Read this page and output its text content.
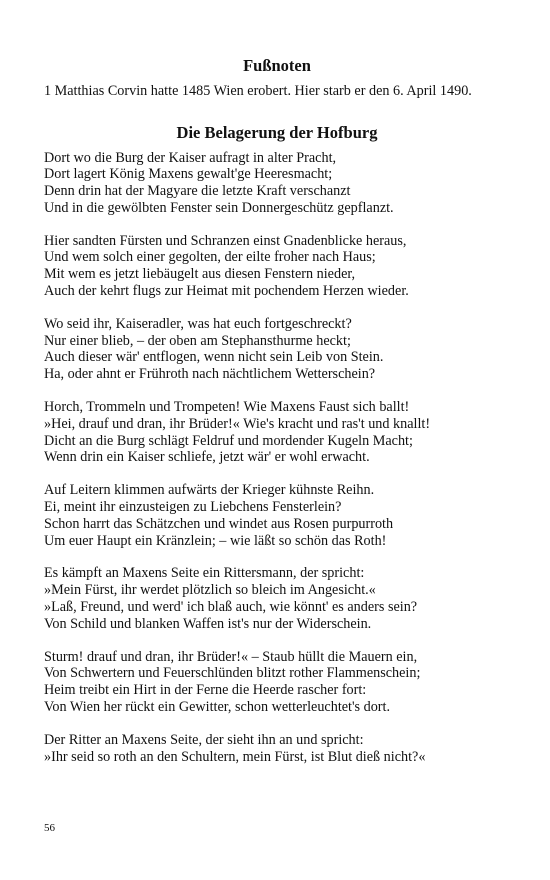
Fußnoten

1 Matthias Corvin hatte 1485 Wien erobert. Hier starb er den 6. April 1490.

Die Belagerung der Hofburg
Dort wo die Burg der Kaiser aufragt in alter Pracht,
Dort lagert König Maxens gewalt'ge Heeresmacht;
Denn drin hat der Magyare die letzte Kraft verschanzt
Und in die gewölbten Fenster sein Donnergeschütz gepflanzt.
Hier sandten Fürsten und Schranzen einst Gnadenblicke heraus,
Und wem solch einer gegolten, der eilte froher nach Haus;
Mit wem es jetzt liebäugelt aus diesen Fenstern nieder,
Auch der kehrt flugs zur Heimat mit pochendem Herzen wieder.
Wo seid ihr, Kaiseradler, was hat euch fortgeschreckt?
Nur einer blieb, – der oben am Stephansthurme heckt;
Auch dieser wär' entflogen, wenn nicht sein Leib von Stein.
Ha, oder ahnt er Frühroth nach nächtlichem Wetterschein?
Horch, Trommeln und Trompeten! Wie Maxens Faust sich ballt!
»Hei, drauf und dran, ihr Brüder!« Wie's kracht und ras't und knallt!
Dicht an die Burg schlägt Feldruf und mordender Kugeln Macht;
Wenn drin ein Kaiser schliefe, jetzt wär' er wohl erwacht.
Auf Leitern klimmen aufwärts der Krieger kühnste Reihn.
Ei, meint ihr einzusteigen zu Liebchens Fensterlein?
Schon harrt das Schätzchen und windet aus Rosen purpurroth
Um euer Haupt ein Kränzlein; – wie läßt so schön das Roth!
Es kämpft an Maxens Seite ein Rittersmann, der spricht:
»Mein Fürst, ihr werdet plötzlich so bleich im Angesicht.«
»Laß, Freund, und werd' ich blaß auch, wie könnt' es anders sein?
Von Schild und blanken Waffen ist's nur der Widerschein.
Sturm! drauf und dran, ihr Brüder!« – Staub hüllt die Mauern ein,
Von Schwertern und Feuerschlünden blitzt rother Flammenschein;
Heim treibt ein Hirt in der Ferne die Heerde rascher fort:
Von Wien her rückt ein Gewitter, schon wetterleuchtet's dort.
Der Ritter an Maxens Seite, der sieht ihn an und spricht:
»Ihr seid so roth an den Schultern, mein Fürst, ist Blut dieß nicht?«

56
